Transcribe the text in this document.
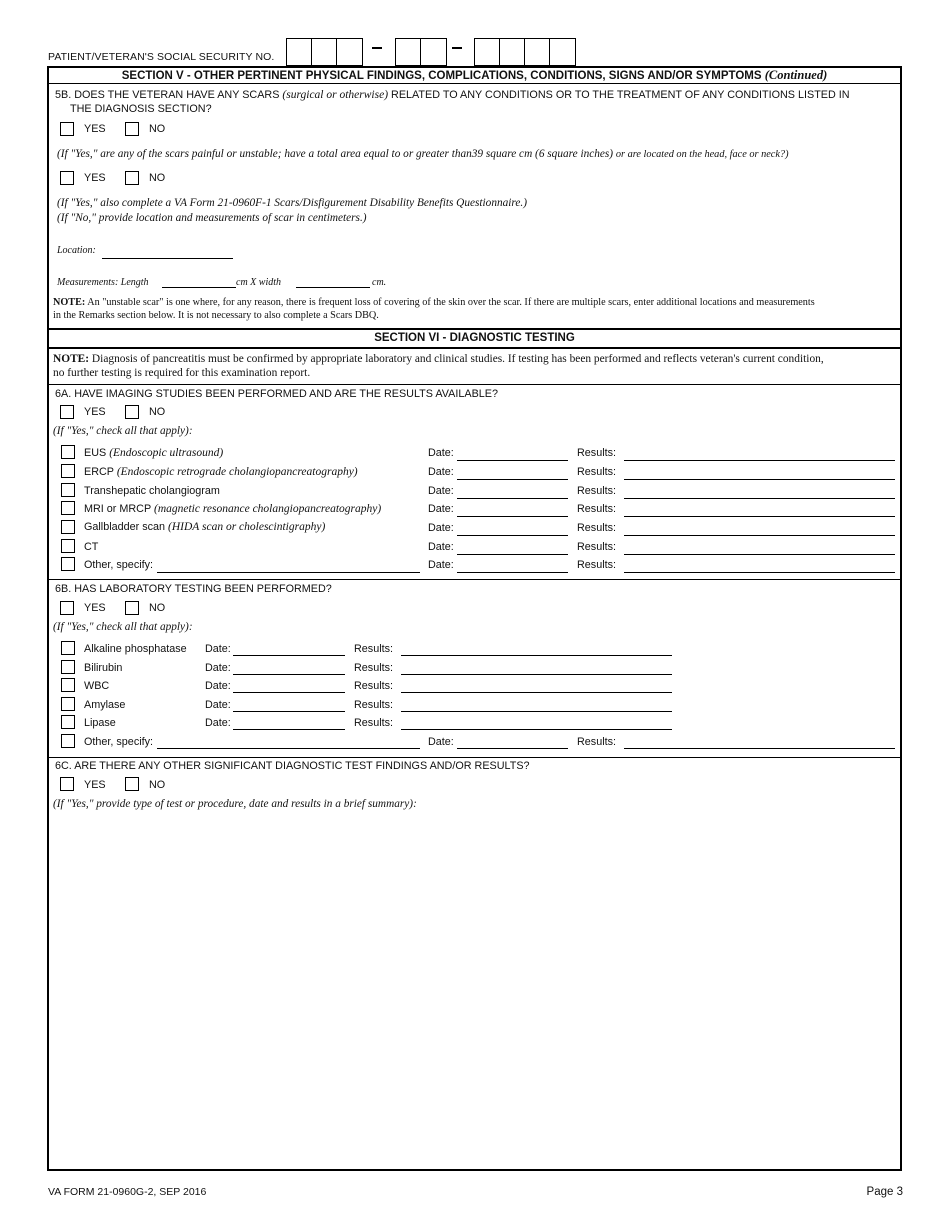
PATIENT/VETERAN'S SOCIAL SECURITY NO.
SECTION V - OTHER PERTINENT PHYSICAL FINDINGS, COMPLICATIONS, CONDITIONS, SIGNS AND/OR SYMPTOMS (Continued)
5B. DOES THE VETERAN HAVE ANY SCARS (surgical or otherwise) RELATED TO ANY CONDITIONS OR TO THE TREATMENT OF ANY CONDITIONS LISTED IN
THE DIAGNOSIS SECTION?
YES	NO
(If "Yes," are any of the scars painful or unstable; have a total area equal to or greater than39 square cm (6 square inches) or are located on the head, face or neck?)
YES	NO
(If "Yes," also complete a VA Form 21-0960F-1 Scars/Disfigurement Disability Benefits Questionnaire.)
(If "No," provide location and measurements of scar in centimeters.)
Location:
Measurements: Length	cm X width	cm.
NOTE: An "unstable scar" is one where, for any reason, there is frequent loss of covering of the skin over the scar. If there are multiple scars, enter additional locations and measurements
in the Remarks section below. It is not necessary to also complete a Scars DBQ.
SECTION VI - DIAGNOSTIC TESTING
NOTE: Diagnosis of pancreatitis must be confirmed by appropriate laboratory and clinical studies. If testing has been performed and reflects veteran's current condition,
no further testing is required for this examination report.
6A. HAVE IMAGING STUDIES BEEN PERFORMED AND ARE THE RESULTS AVAILABLE?
YES	NO
(If "Yes," check all that apply):
EUS (Endoscopic ultrasound)	Date:	Results:
ERCP (Endoscopic retrograde cholangiopancreatography)	Date:	Results:
Transhepatic cholangiogram	Date:	Results:
MRI or MRCP (magnetic resonance cholangiopancreatography)	Date:	Results:
Gallbladder scan (HIDA scan or cholescintigraphy)	Date:	Results:
CT	Date:	Results:
Other, specify:	Date:	Results:
6B. HAS LABORATORY TESTING BEEN PERFORMED?
YES	NO
(If "Yes," check all that apply):
Alkaline phosphatase Date:	Results:
Bilirubin	Date:	Results:
WBC	Date:	Results:
Amylase	Date:	Results:
Lipase	Date:	Results:
Other, specify:	Date:	Results:
6C. ARE THERE ANY OTHER SIGNIFICANT DIAGNOSTIC TEST FINDINGS AND/OR RESULTS?
YES	NO
(If "Yes," provide type of test or procedure, date and results in a brief summary):
VA FORM 21-0960G-2, SEP 2016	Page 3
